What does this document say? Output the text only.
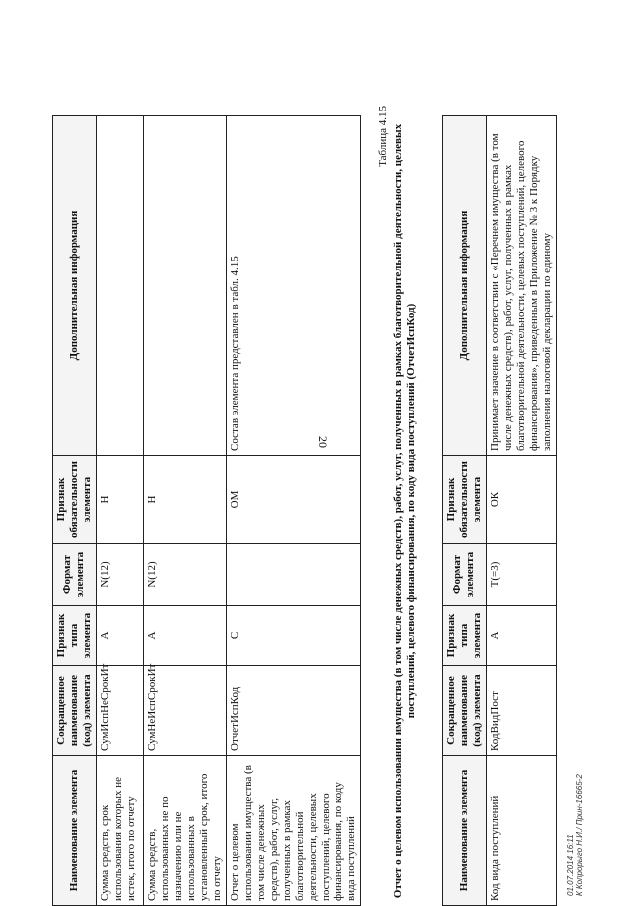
20
Наименование элемента	Сокращенное наименование (код) элемента	Признак типа элемента	Формат элемента	Признак обязательности элемента	Дополнительная информация
Сумма средств, срок использования которых не истек, итого по отчету	СумИспНеСрокИт	А	N(12)	Н	
Сумма средств, использованных не по назначению или не использованных в установленный срок, итого по отчету	СумНеИспСрокИт	А	N(12)	Н	
Отчет о целевом использовании имущества (в том числе денежных средств), работ, услуг, полученных в рамках благотворительной деятельности, целевых поступлений, целевого финансирования, по коду вида поступлений	ОтчетИспКод	С		ОМ	Состав элемента представлен в табл. 4.15
Таблица 4.15 Отчет о целевом использовании имущества (в том числе денежных средств), работ, услуг, полученных в рамках благотворительной деятельности, целевых поступлений, целевого финансирования, по коду вида поступлений (ОтчетИспКод)
Наименование элемента	Сокращенное наименование (код) элемента	Признак типа элемента	Формат элемента	Признак обязательности элемента	Дополнительная информация
Код вида поступлений	КодВидПост	А	T(=3)	ОК	Принимает значение в соответствии с «Перечнем имущества (в том числе денежных средств), работ, услуг, полученных в рамках благотворительной деятельности, целевых поступлений, целевого финансирования», приведенным в Приложение № 3 к Порядку заполнения налоговой декларации по единому
01.07.2014 16:11 К Копрорыго Н.И./ Прин-16665-2
